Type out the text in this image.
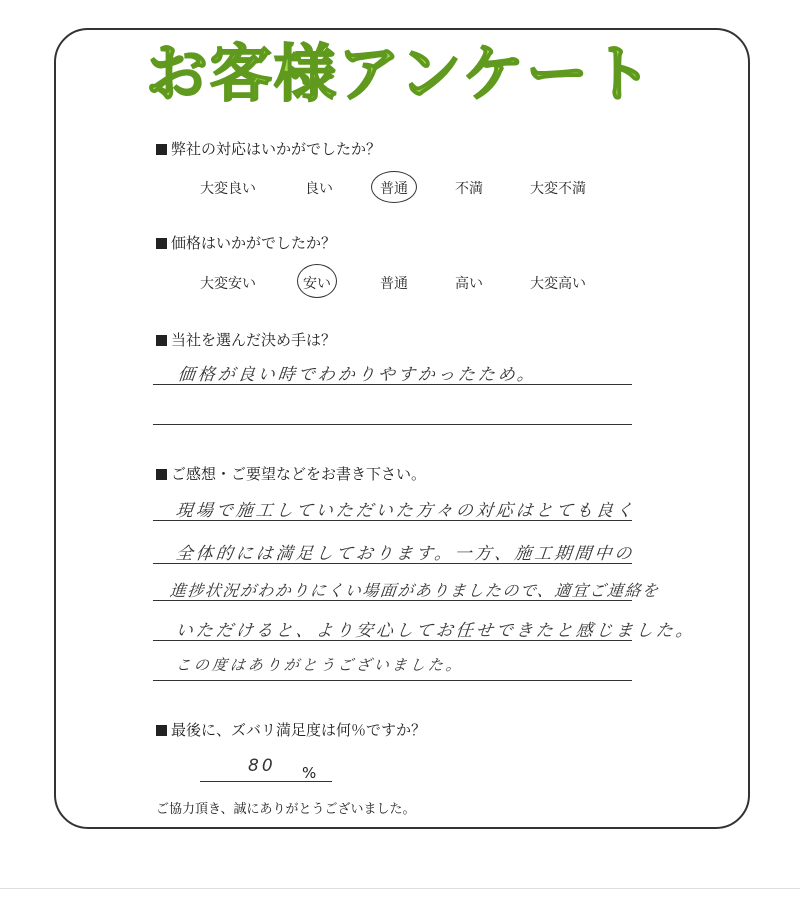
お客様アンケート
弊社の対応はいかがでしたか？
大変良い	良い	普通	不満	大変不満
価格はいかがでしたか？
大変安い	安い	普通	高い	大変高い
当社を選んだ決め手は？
価格が良い時でわかりやすかったため。
ご感想・ご要望などをお書き下さい。
現場で施工していただいた方々の対応はとても良く
全体的には満足しております。一方、施工期間中の
進捗状況がわかりにくい場面がありましたので、適宜ご連絡を
いただけると、より安心してお任せできたと感じました。
この度はありがとうございました。
最後に、ズバリ満足度は何％ですか？
80 %
ご協力頂き、誠にありがとうございました。
